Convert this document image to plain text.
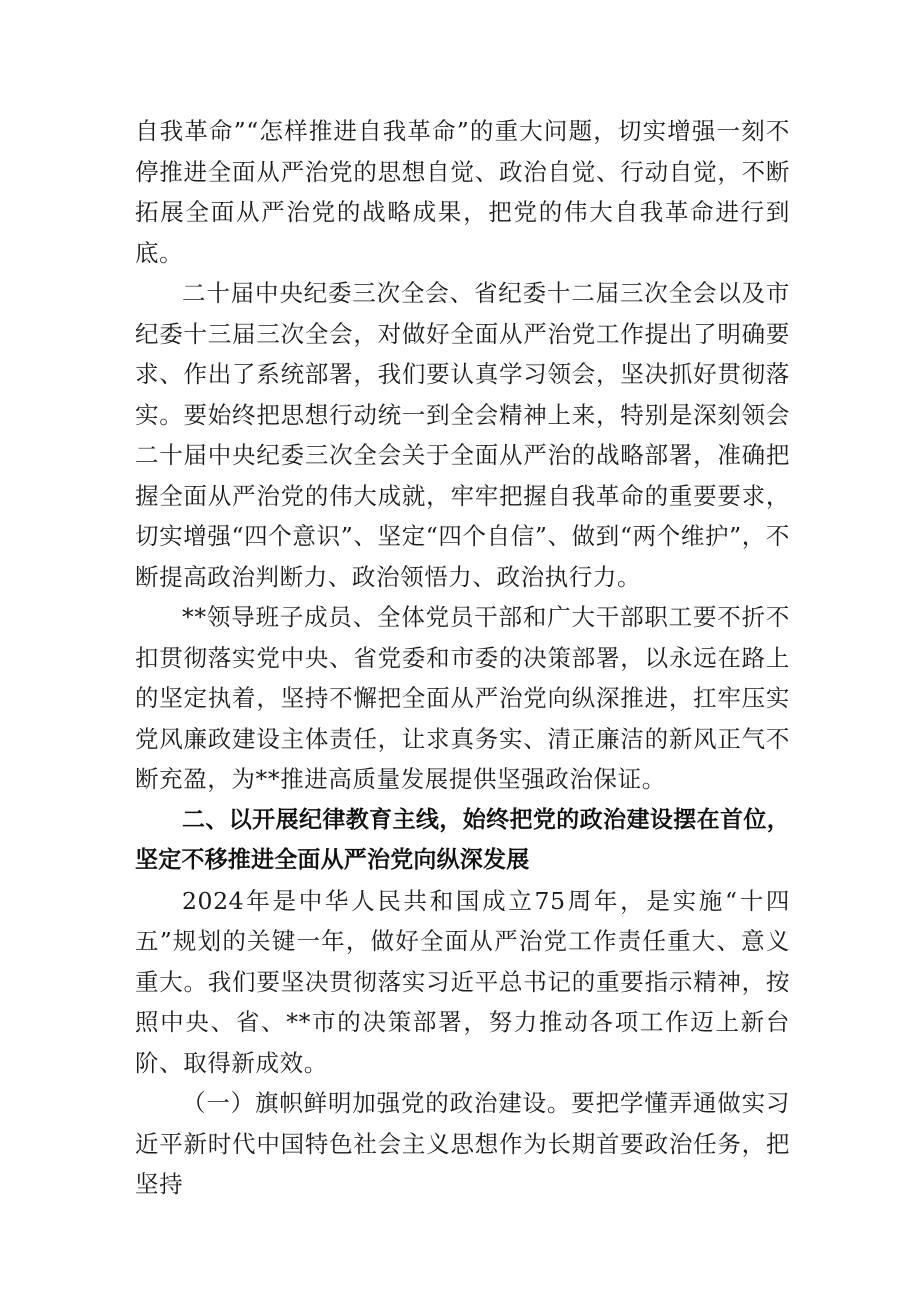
自我革命”“怎样推进自我革命”的重大问题，切实增强一刻不停推进全面从严治党的思想自觉、政治自觉、行动自觉，不断拓展全面从严治党的战略成果，把党的伟大自我革命进行到底。

二十届中央纪委三次全会、省纪委十二届三次全会以及市纪委十三届三次全会，对做好全面从严治党工作提出了明确要求、作出了系统部署，我们要认真学习领会，坚决抓好贯彻落实。要始终把思想行动统一到全会精神上来，特别是深刻领会二十届中央纪委三次全会关于全面从严治的战略部署，准确把握全面从严治党的伟大成就，牢牢把握自我革命的重要要求，切实增强“四个意识”、坚定“四个自信”、做到“两个维护”，不断提高政治判断力、政治领悟力、政治执行力。

**领导班子成员、全体党员干部和广大干部职工要不折不扣贯彻落实党中央、省党委和市委的决策部署，以永远在路上的坚定执着，坚持不懈把全面从严治党向纵深推进，扛牢压实党风廉政建设主体责任，让求真务实、清正廉洁的新风正气不断充盈，为**推进高质量发展提供坚强政治保证。

二、以开展纪律教育主线，始终把党的政治建设摆在首位，坚定不移推进全面从严治党向纵深发展

2024年是中华人民共和国成立75周年，是实施“十四五”规划的关键一年，做好全面从严治党工作责任重大、意义重大。我们要坚决贯彻落实习近平总书记的重要指示精神，按照中央、省、**市的决策部署，努力推动各项工作迈上新台阶、取得新成效。

（一）旗帜鲜明加强党的政治建设。要把学懂弄通做实习近平新时代中国特色社会主义思想作为长期首要政治任务，把坚持
